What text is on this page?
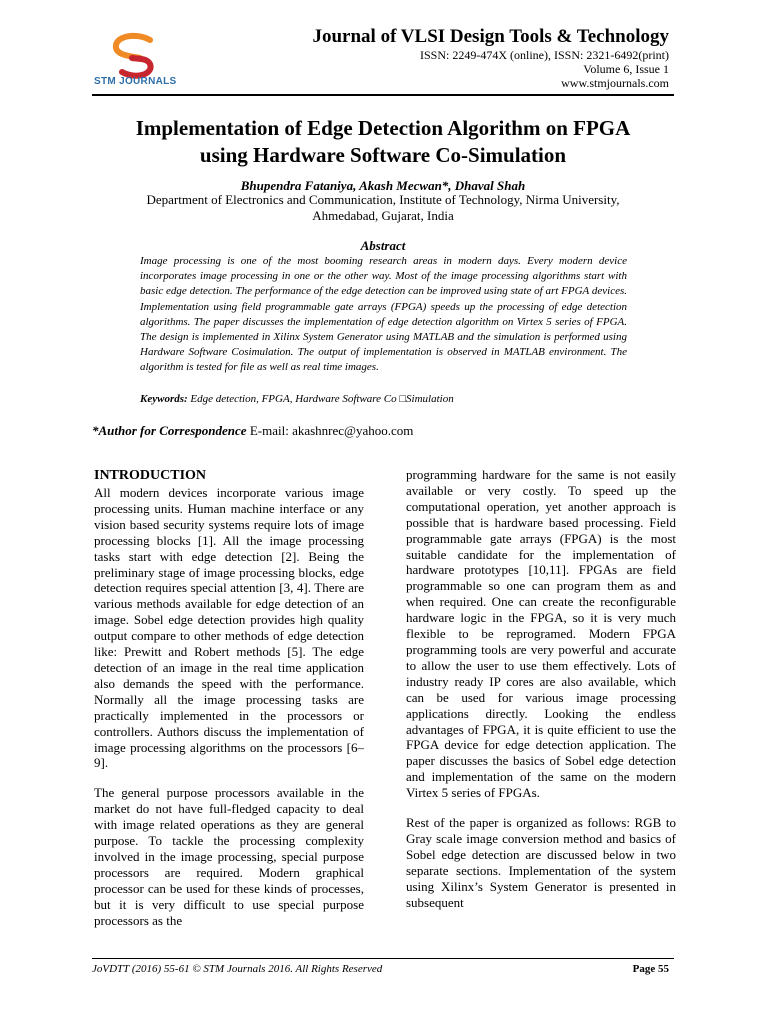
STM JOURNALS
Journal of VLSI Design Tools & Technology
ISSN: 2249-474X (online), ISSN: 2321-6492(print)
Volume 6, Issue 1
www.stmjournals.com
Implementation of Edge Detection Algorithm on FPGA
using Hardware Software Co-Simulation
Bhupendra Fataniya, Akash Mecwan*, Dhaval Shah
Department of Electronics and Communication, Institute of Technology, Nirma University,
Ahmedabad, Gujarat, India
Abstract
Image processing is one of the most booming research areas in modern days. Every modern device incorporates image processing in one or the other way. Most of the image processing algorithms start with basic edge detection. The performance of the edge detection can be improved using state of art FPGA devices. Implementation using field programmable gate arrays (FPGA) speeds up the processing of edge detection algorithms. The paper discusses the implementation of edge detection algorithm on Virtex 5 series of FPGA. The design is implemented in Xilinx System Generator using MATLAB and the simulation is performed using Hardware Software Cosimulation. The output of implementation is observed in MATLAB environment. The algorithm is tested for file as well as real time images.
Keywords: Edge detection, FPGA, Hardware Software Co □Simulation
*Author for Correspondence E-mail: akashnrec@yahoo.com
INTRODUCTION

All modern devices incorporate various image processing units. Human machine interface or any vision based security systems require lots of image processing blocks [1]. All the image processing tasks start with edge detection [2]. Being the preliminary stage of image processing blocks, edge detection requires special attention [3, 4]. There are various methods available for edge detection of an image. Sobel edge detection provides high quality output compare to other methods of edge detection like: Prewitt and Robert methods [5]. The edge detection of an image in the real time application also demands the speed with the performance. Normally all the image processing tasks are practically implemented in the processors or controllers. Authors discuss the implementation of image processing algorithms on the processors [6–9].

The general purpose processors available in the market do not have full-fledged capacity to deal with image related operations as they are general purpose. To tackle the processing complexity involved in the image processing, special purpose processors are required. Modern graphical processor can be used for these kinds of processes, but it is very difficult to use special purpose processors as the

programming hardware for the same is not easily available or very costly. To speed up the computational operation, yet another approach is possible that is hardware based processing. Field programmable gate arrays (FPGA) is the most suitable candidate for the implementation of hardware prototypes [10,11]. FPGAs are field programmable so one can program them as and when required. One can create the reconfigurable hardware logic in the FPGA, so it is very much flexible to be reprogramed. Modern FPGA programming tools are very powerful and accurate to allow the user to use them effectively. Lots of industry ready IP cores are also available, which can be used for various image processing applications directly. Looking the endless advantages of FPGA, it is quite efficient to use the FPGA device for edge detection application. The paper discusses the basics of Sobel edge detection and implementation of the same on the modern Virtex 5 series of FPGAs.

Rest of the paper is organized as follows: RGB to Gray scale image conversion method and basics of Sobel edge detection are discussed below in two separate sections. Implementation of the system using Xilinx’s System Generator is presented in subsequent

JoVDTT (2016) 55-61 © STM Journals 2016. All Rights Reserved	Page 55
